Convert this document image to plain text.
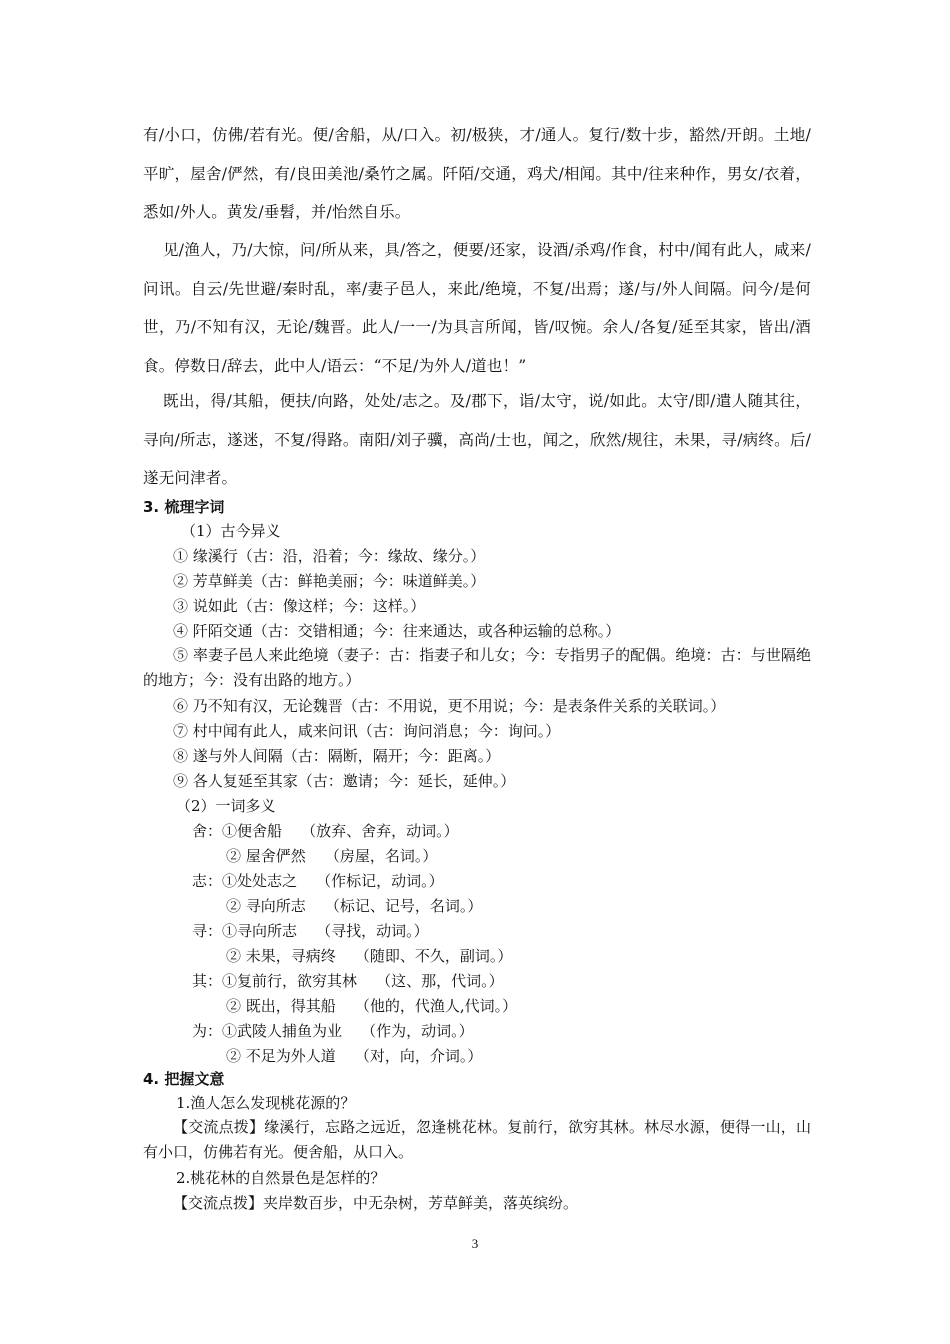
有/小口，仿佛/若有光。便/舍船，从/口入。初/极狭，才/通人。复行/数十步，豁然/开朗。土地/平旷，屋舍/俨然，有/良田美池/桑竹之属。阡陌/交通，鸡犬/相闻。其中/往来种作，男女/衣着，悉如/外人。黄发/垂髫，并/怡然自乐。

见/渔人，乃/大惊，问/所从来，具/答之，便要/还家，设酒/杀鸡/作食，村中/闻有此人，咸来/问讯。自云/先世避/秦时乱，率/妻子邑人，来此/绝境，不复/出焉；遂/与/外人间隔。问今/是何世，乃/不知有汉，无论/魏晋。此人/一一/为具言所闻，皆/叹惋。余人/各复/延至其家，皆出/酒食。停数日/辞去，此中人/语云：“不足/为外人/道也！”

既出，得/其船，便扶/向路，处处/志之。及/郡下，诣/太守，说/如此。太守/即/遣人随其往，寻向/所志，遂迷，不复/得路。南阳/刘子骥，高尚/士也，闻之，欣然/规往，未果，寻/病终。后/遂无问津者。

3. 梳理字词

（1）古今异义

① 缘溪行（古：沿，沿着；今：缘故、缘分。）

② 芳草鲜美（古：鲜艳美丽；今：味道鲜美。）

③ 说如此（古：像这样；今：这样。）

④ 阡陌交通（古：交错相通；今：往来通达，或各种运输的总称。）

⑤ 率妻子邑人来此绝境（妻子：古：指妻子和儿女；今：专指男子的配偶。绝境：古：与世隔绝的地方；今：没有出路的地方。）

⑥ 乃不知有汉，无论魏晋（古：不用说，更不用说；今：是表条件关系的关联词。）

⑦ 村中闻有此人，咸来问讯（古：询问消息；今：询问。）

⑧ 遂与外人间隔（古：隔断，隔开；今：距离。）

⑨ 各人复延至其家（古：邀请；今：延长，延伸。）

（2）一词多义

舍：①便舍船    （放弃、舍弃，动词。）

② 屋舍俨然    （房屋，名词。）

志：①处处志之    （作标记，动词。）

② 寻向所志    （标记、记号，名词。）

寻：①寻向所志    （寻找，动词。）

② 未果，寻病终    （随即、不久，副词。）

其：①复前行，欲穷其林    （这、那，代词。）

② 既出，得其船    （他的，代渔人,代词。）

为：①武陵人捕鱼为业    （作为，动词。）

② 不足为外人道    （对，向，介词。）

4. 把握文意

1.渔人怎么发现桃花源的？

【交流点拨】缘溪行，忘路之远近，忽逢桃花林。复前行，欲穷其林。林尽水源，便得一山，山有小口，仿佛若有光。便舍船，从口入。

2.桃花林的自然景色是怎样的？

【交流点拨】夹岸数百步，中无杂树，芳草鲜美，落英缤纷。

3
